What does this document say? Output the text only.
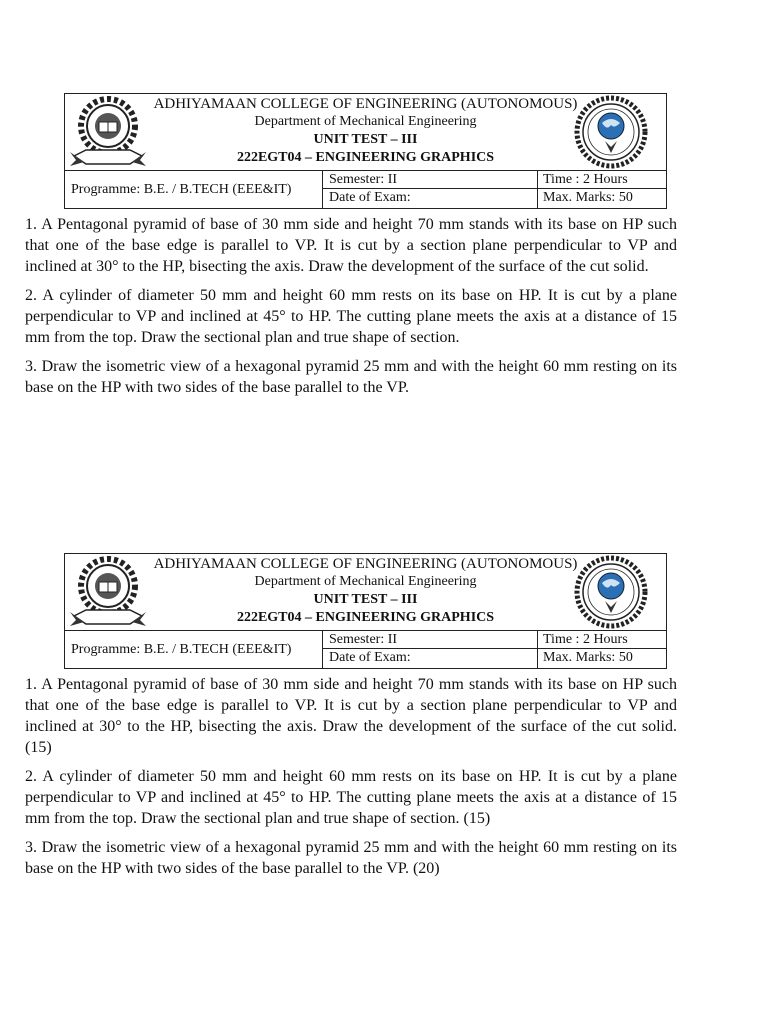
ADHIYAMAAN COLLEGE OF ENGINEERING (AUTONOMOUS)
Department of Mechanical Engineering
UNIT TEST – III
222EGT04 – ENGINEERING GRAPHICS
Programme: B.E. / B.TECH (EEE&IT)
Semester: II
Date of Exam:
Time : 2 Hours
Max. Marks: 50

1. A Pentagonal pyramid of base of 30 mm side and height 70 mm stands with its base on HP such that one of the base edge is parallel to VP. It is cut by a section plane perpendicular to VP and inclined at 30° to the HP, bisecting the axis. Draw the development of the surface of the cut solid.

2. A cylinder of diameter 50 mm and height 60 mm rests on its base on HP. It is cut by a plane perpendicular to VP and inclined at 45° to HP. The cutting plane meets the axis at a distance of 15 mm from the top. Draw the sectional plan and true shape of section.

3. Draw the isometric view of a hexagonal pyramid 25 mm and with the height 60 mm resting on its base on the HP with two sides of the base parallel to the VP.

ADHIYAMAAN COLLEGE OF ENGINEERING (AUTONOMOUS)
Department of Mechanical Engineering
UNIT TEST – III
222EGT04 – ENGINEERING GRAPHICS
Programme: B.E. / B.TECH (EEE&IT)
Semester: II
Date of Exam:
Time : 2 Hours
Max. Marks: 50

1. A Pentagonal pyramid of base of 30 mm side and height 70 mm stands with its base on HP such that one of the base edge is parallel to VP. It is cut by a section plane perpendicular to VP and inclined at 30° to the HP, bisecting the axis. Draw the development of the surface of the cut solid. (15)

2. A cylinder of diameter 50 mm and height 60 mm rests on its base on HP. It is cut by a plane perpendicular to VP and inclined at 45° to HP. The cutting plane meets the axis at a distance of 15 mm from the top. Draw the sectional plan and true shape of section. (15)

3. Draw the isometric view of a hexagonal pyramid 25 mm and with the height 60 mm resting on its base on the HP with two sides of the base parallel to the VP. (20)
